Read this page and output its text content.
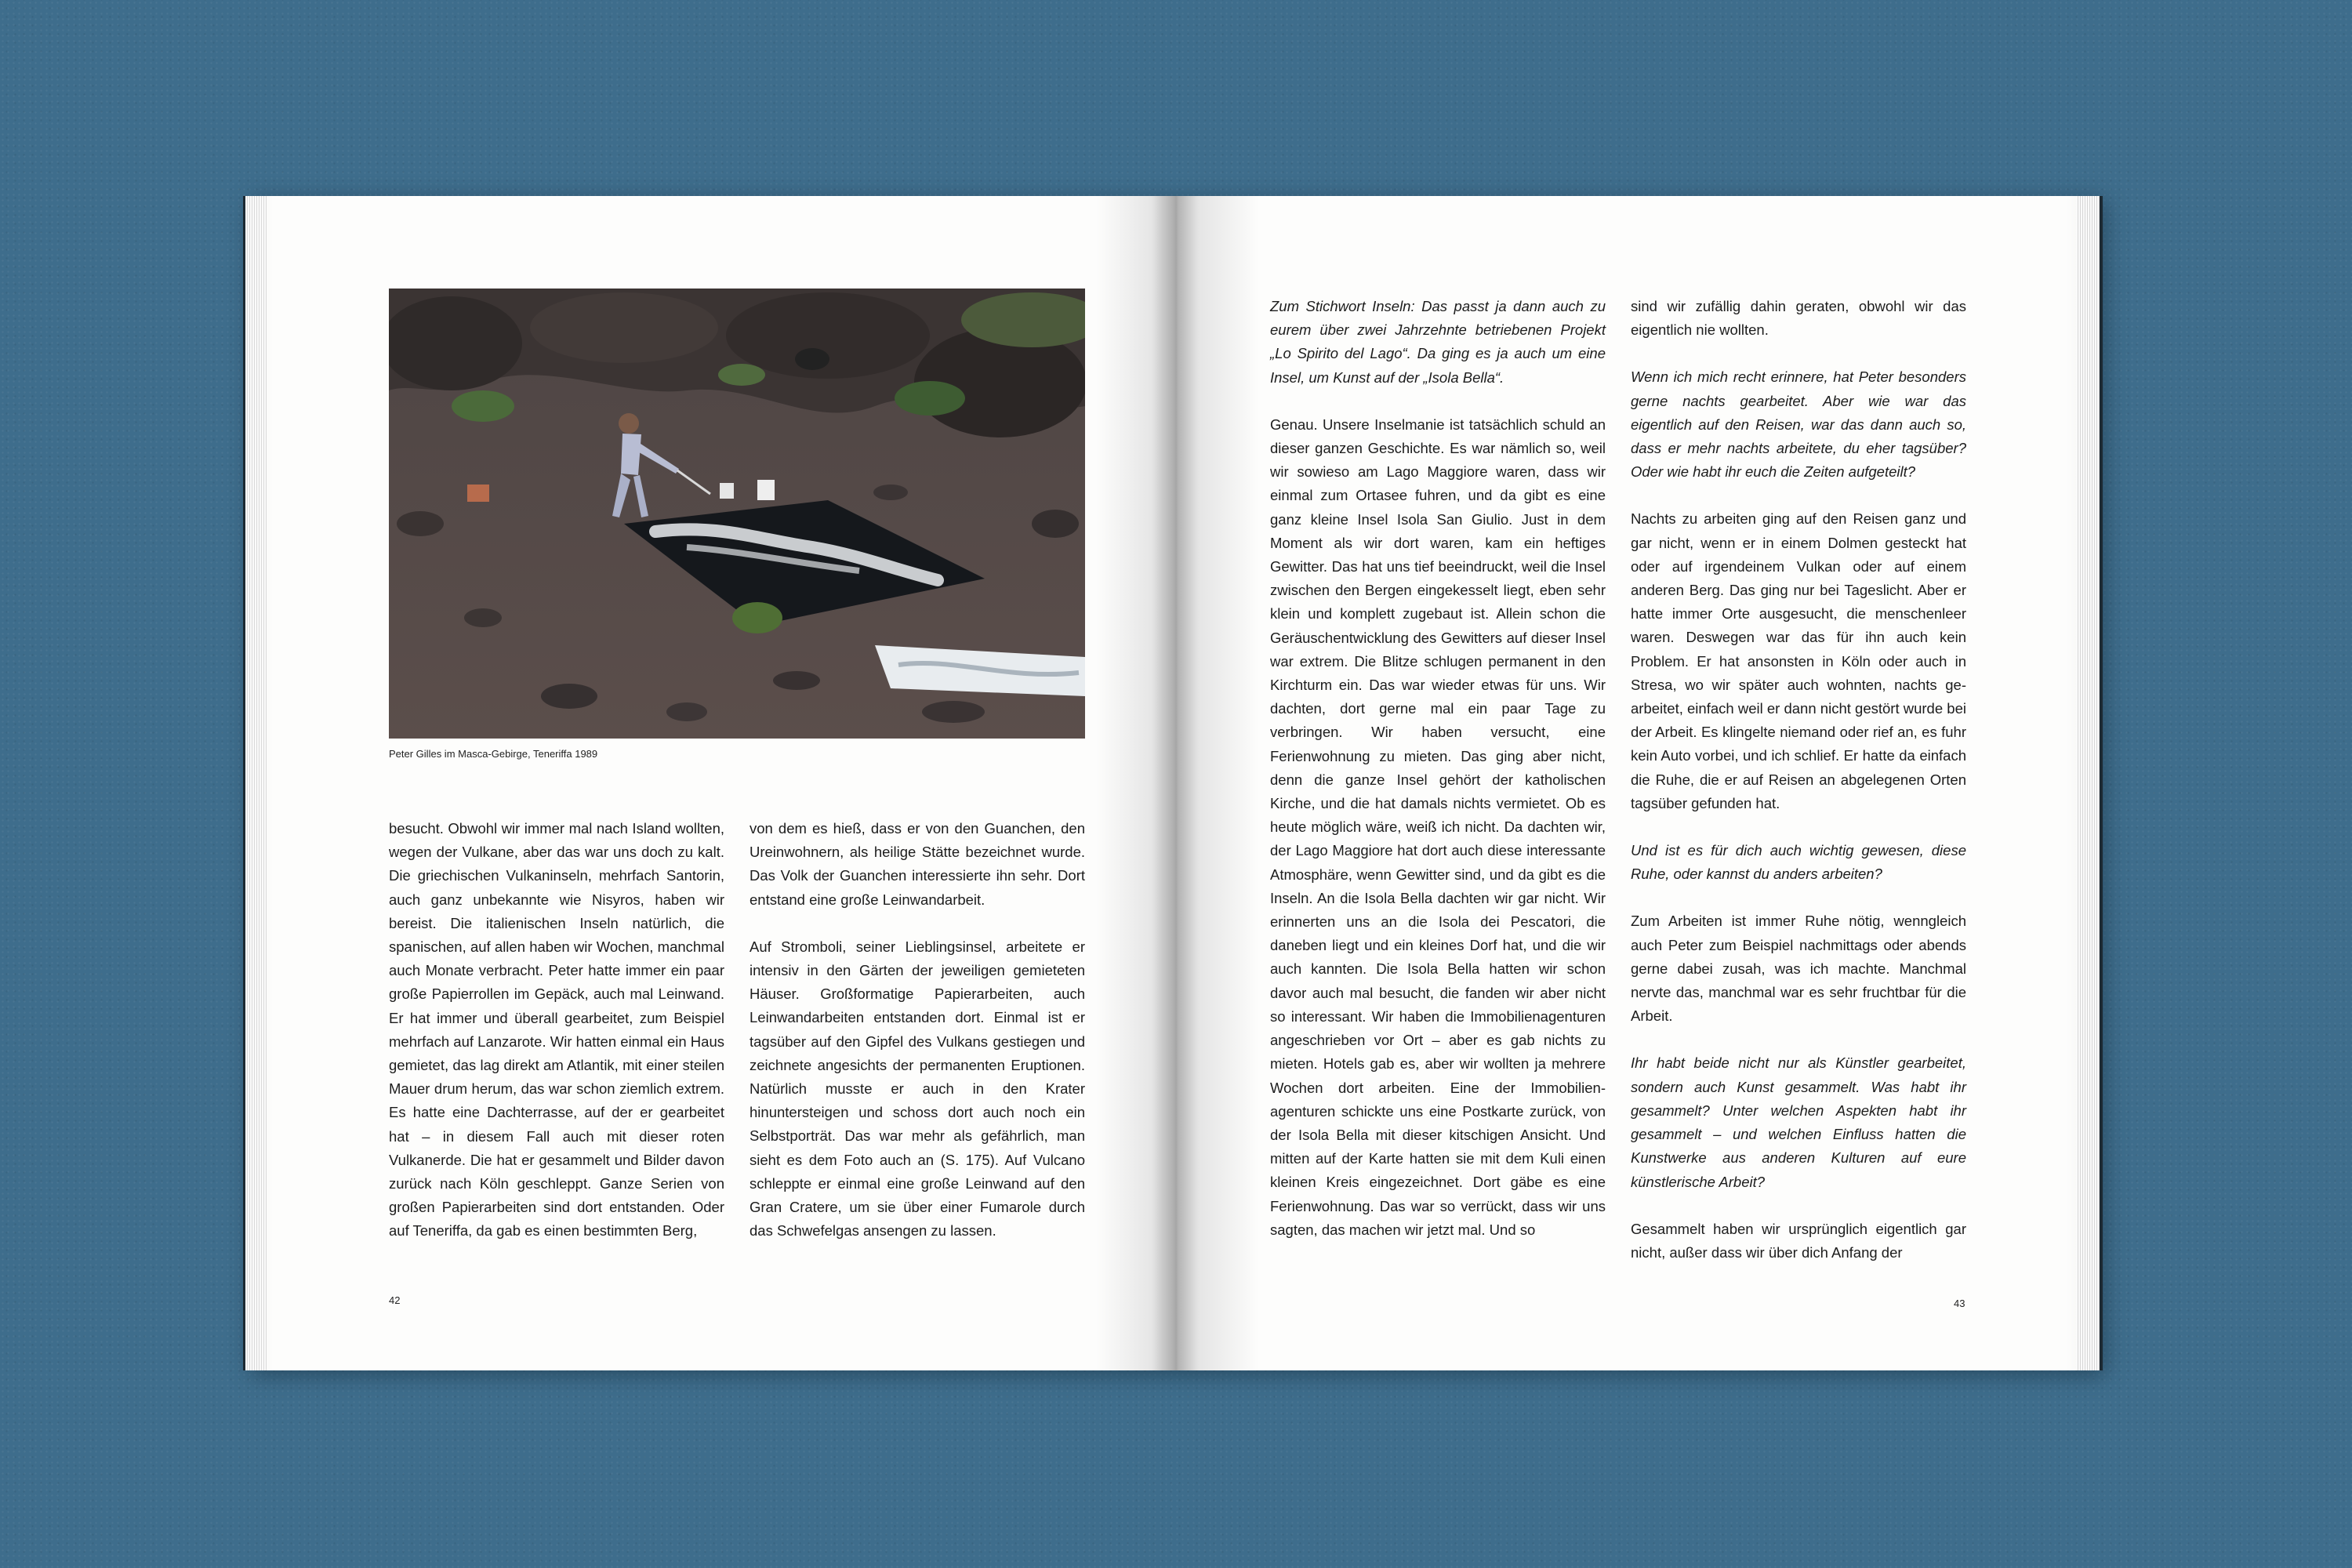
Peter Gilles im Masca-Gebirge, Teneriffa 1989

besucht. Obwohl wir immer mal nach Island wollten, wegen der Vulkane, aber das war uns doch zu kalt. Die griechischen Vulkaninseln, mehrfach Santorin, auch ganz unbekannte wie Nisyros, haben wir bereist. Die italienischen Inseln natürlich, die spanischen, auf allen haben wir Wochen, manchmal auch Monate verbracht. Peter hatte immer ein paar große Papierrollen im Gepäck, auch mal Leinwand. Er hat immer und überall gearbeitet, zum Beispiel mehrfach auf Lanzarote. Wir hatten einmal ein Haus gemietet, das lag direkt am Atlantik, mit einer steilen Mauer drum herum, das war schon ziemlich extrem. Es hatte eine Dachterrasse, auf der er gearbeitet hat – in diesem Fall auch mit dieser roten Vulkanerde. Die hat er gesammelt und Bilder davon zurück nach Köln geschleppt. Ganze Serien von großen Papierarbeiten sind dort entstanden. Oder auf Teneriffa, da gab es einen bestimmten Berg,

von dem es hieß, dass er von den Guanchen, den Ureinwohnern, als heilige Stätte bezeichnet wurde. Das Volk der Guanchen interessierte ihn sehr. Dort entstand eine große Leinwandarbeit.

Auf Stromboli, seiner Lieblingsinsel, arbeitete er intensiv in den Gärten der jeweiligen gemieteten Häuser. Großformatige Papierarbeiten, auch Leinwandarbeiten entstanden dort. Einmal ist er tagsüber auf den Gipfel des Vulkans gestiegen und zeichnete angesichts der permanenten Eruptionen. Natürlich musste er auch in den Krater hinuntersteigen und schoss dort auch noch ein Selbstporträt. Das war mehr als gefährlich, man sieht es dem Foto auch an (S. 175). Auf Vulcano schleppte er einmal eine große Leinwand auf den Gran Cratere, um sie über einer Fumarole durch das Schwefelgas ansengen zu lassen.

Zum Stichwort Inseln: Das passt ja dann auch zu eurem über zwei Jahrzehnte betriebenen Projekt „Lo Spirito del Lago“. Da ging es ja auch um eine Insel, um Kunst auf der „Isola Bella“.

Genau. Unsere Inselmanie ist tatsächlich schuld an dieser ganzen Geschichte. Es war nämlich so, weil wir sowieso am Lago Maggiore waren, dass wir einmal zum Ortasee fuhren, und da gibt es eine ganz kleine Insel Isola San Giulio. Just in dem Moment als wir dort waren, kam ein heftiges Gewitter. Das hat uns tief beeindruckt, weil die Insel zwischen den Bergen eingekesselt liegt, eben sehr klein und komplett zugebaut ist. Allein schon die Geräuschentwicklung des Gewitters auf dieser Insel war extrem. Die Blitze schlugen permanent in den Kirchturm ein. Das war wieder etwas für uns. Wir dachten, dort gerne mal ein paar Tage zu verbringen. Wir haben versucht, eine Ferienwohnung zu mieten. Das ging aber nicht, denn die ganze Insel gehört der katholischen Kirche, und die hat damals nichts vermietet. Ob es heute möglich wäre, weiß ich nicht. Da dachten wir, der Lago Maggiore hat dort auch diese interessante Atmosphäre, wenn Gewitter sind, und da gibt es die Inseln. An die Isola Bella dachten wir gar nicht. Wir erinnerten uns an die Isola dei Pescatori, die daneben liegt und ein kleines Dorf hat, und die wir auch kannten. Die Isola Bella hatten wir schon davor auch mal besucht, die fanden wir aber nicht so interessant. Wir haben die Immobilienagenturen angeschrieben vor Ort – aber es gab nichts zu mieten. Hotels gab es, aber wir wollten ja mehrere Wochen dort arbeiten. Eine der Immobilienagenturen schickte uns eine Postkarte zurück, von der Isola Bella mit dieser kitschigen Ansicht. Und mitten auf der Karte hatten sie mit dem Kuli einen kleinen Kreis eingezeichnet. Dort gäbe es eine Ferienwohnung. Das war so verrückt, dass wir uns sagten, das machen wir jetzt mal. Und so

sind wir zufällig dahin geraten, obwohl wir das eigentlich nie wollten.

Wenn ich mich recht erinnere, hat Peter besonders gerne nachts gearbeitet. Aber wie war das eigentlich auf den Reisen, war das dann auch so, dass er mehr nachts arbeitete, du eher tagsüber? Oder wie habt ihr euch die Zeiten aufgeteilt?

Nachts zu arbeiten ging auf den Reisen ganz und gar nicht, wenn er in einem Dolmen gesteckt hat oder auf irgendeinem Vulkan oder auf einem anderen Berg. Das ging nur bei Tageslicht. Aber er hatte immer Orte ausgesucht, die menschenleer waren. Deswegen war das für ihn auch kein Problem. Er hat ansonsten in Köln oder auch in Stresa, wo wir später auch wohnten, nachts gearbeitet, einfach weil er dann nicht gestört wurde bei der Arbeit. Es klingelte niemand oder rief an, es fuhr kein Auto vorbei, und ich schlief. Er hatte da einfach die Ruhe, die er auf Reisen an abgelegenen Orten tagsüber gefunden hat.

Und ist es für dich auch wichtig gewesen, diese Ruhe, oder kannst du anders arbeiten?

Zum Arbeiten ist immer Ruhe nötig, wenngleich auch Peter zum Beispiel nachmittags oder abends gerne dabei zusah, was ich machte. Manchmal nervte das, manchmal war es sehr fruchtbar für die Arbeit.

Ihr habt beide nicht nur als Künstler gearbeitet, sondern auch Kunst gesammelt. Was habt ihr gesammelt? Unter welchen Aspekten habt ihr gesammelt – und welchen Einfluss hatten die Kunstwerke aus anderen Kulturen auf eure künstlerische Arbeit?

Gesammelt haben wir ursprünglich eigentlich gar nicht, außer dass wir über dich Anfang der

42	43
